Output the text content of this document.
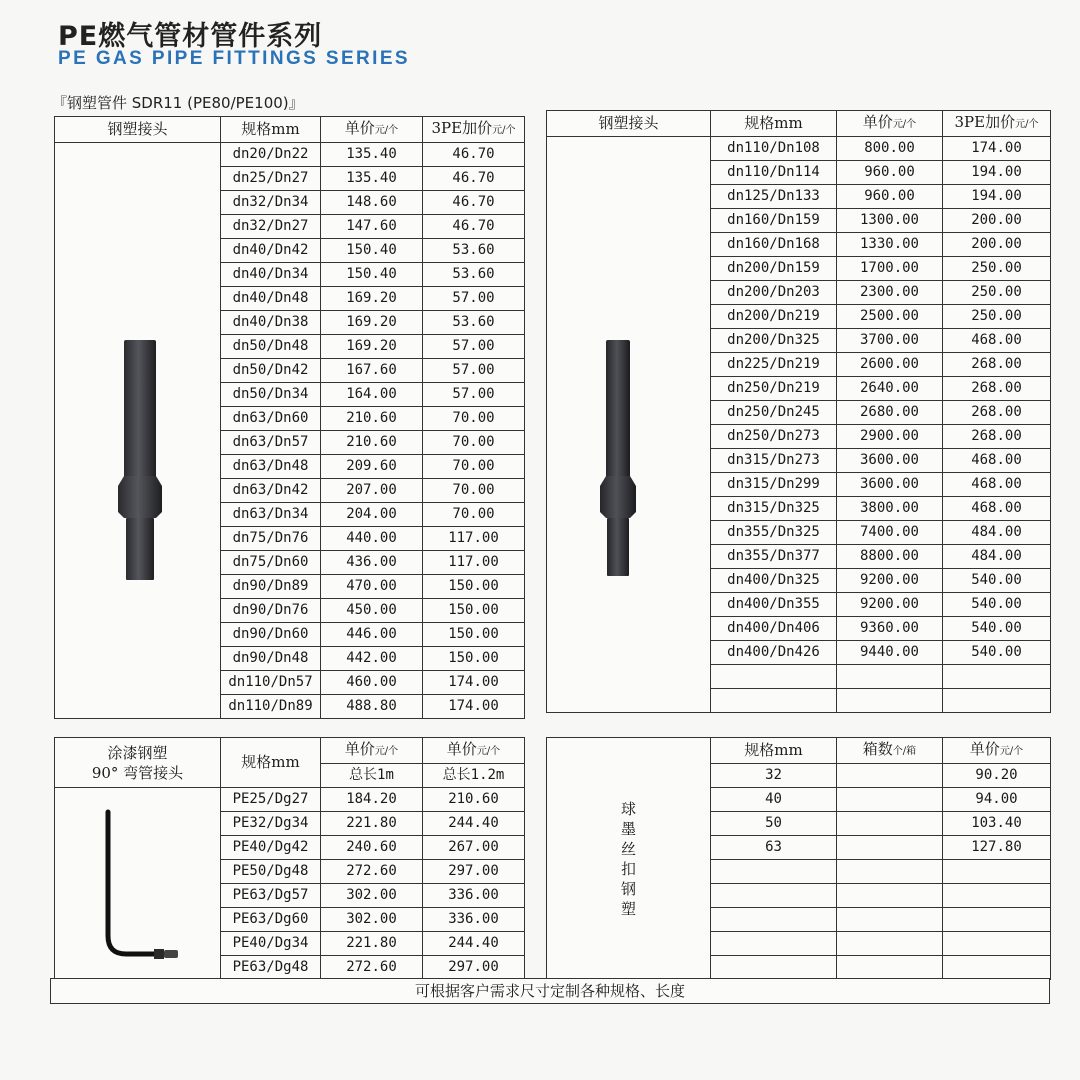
PE燃气管材管件系列
PE GAS PIPE FITTINGS SERIES
『钢塑管件 SDR11 (PE80/PE100)』
钢塑接头	规格mm	单价元/个	3PE加价元/个
	dn20/Dn22	135.40	46.70
	dn25/Dn27	135.40	46.70
	dn32/Dn34	148.60	46.70
	dn32/Dn27	147.60	46.70
	dn40/Dn42	150.40	53.60
	dn40/Dn34	150.40	53.60
	dn40/Dn48	169.20	57.00
	dn40/Dn38	169.20	53.60
	dn50/Dn48	169.20	57.00
	dn50/Dn42	167.60	57.00
	dn50/Dn34	164.00	57.00
	dn63/Dn60	210.60	70.00
	dn63/Dn57	210.60	70.00
	dn63/Dn48	209.60	70.00
	dn63/Dn42	207.00	70.00
	dn63/Dn34	204.00	70.00
	dn75/Dn76	440.00	117.00
	dn75/Dn60	436.00	117.00
	dn90/Dn89	470.00	150.00
	dn90/Dn76	450.00	150.00
	dn90/Dn60	446.00	150.00
	dn90/Dn48	442.00	150.00
	dn110/Dn57	460.00	174.00
	dn110/Dn89	488.80	174.00
钢塑接头	规格mm	单价元/个	3PE加价元/个
	dn110/Dn108	800.00	174.00
	dn110/Dn114	960.00	194.00
	dn125/Dn133	960.00	194.00
	dn160/Dn159	1300.00	200.00
	dn160/Dn168	1330.00	200.00
	dn200/Dn159	1700.00	250.00
	dn200/Dn203	2300.00	250.00
	dn200/Dn219	2500.00	250.00
	dn200/Dn325	3700.00	468.00
	dn225/Dn219	2600.00	268.00
	dn250/Dn219	2640.00	268.00
	dn250/Dn245	2680.00	268.00
	dn250/Dn273	2900.00	268.00
	dn315/Dn273	3600.00	468.00
	dn315/Dn299	3600.00	468.00
	dn315/Dn325	3800.00	468.00
	dn355/Dn325	7400.00	484.00
	dn355/Dn377	8800.00	484.00
	dn400/Dn325	9200.00	540.00
	dn400/Dn355	9200.00	540.00
	dn400/Dn406	9360.00	540.00
	dn400/Dn426	9440.00	540.00

涂漆钢塑
90° 弯管接头	规格mm	单价元/个	单价元/个
		总长1m	总长1.2m
	PE25/Dg27	184.20	210.60
	PE32/Dg34	221.80	244.40
	PE40/Dg42	240.60	267.00
	PE50/Dg48	272.60	297.00
	PE63/Dg57	302.00	336.00
	PE63/Dg60	302.00	336.00
	PE40/Dg34	221.80	244.40
	PE63/Dg48	272.60	297.00
球墨丝扣钢塑	规格mm	箱数个/箱	单价元/个
	32		90.20
	40		94.00
	50		103.40
	63		127.80

可根据客户需求尺寸定制各种规格、长度
